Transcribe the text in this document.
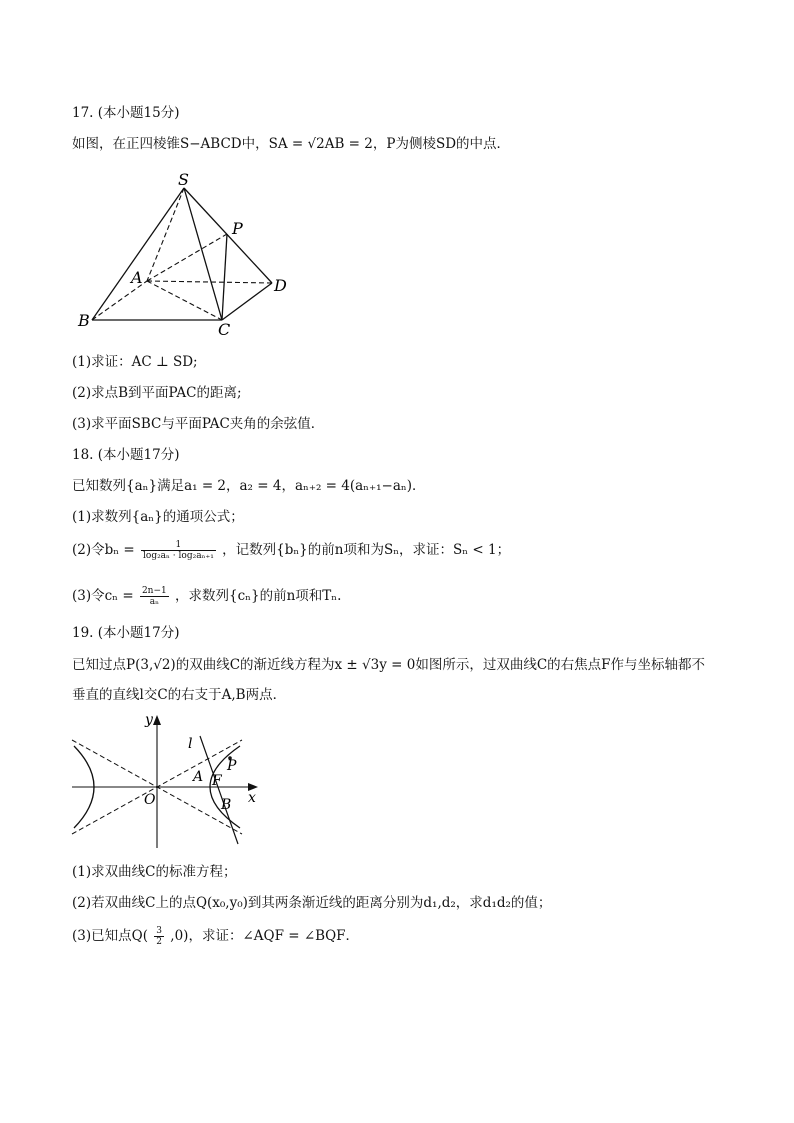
17. (本小题15分)
如图，在正四棱锥S−ABCD中，SA = √2AB = 2，P为侧棱SD的中点．
S
P
A	D
B	C
(1)求证：AC ⊥ SD;
(2)求点B到平面PAC的距离;
(3)求平面SBC与平面PAC夹角的余弦值．
18. (本小题17分)
已知数列{aₙ}满足a₁ = 2，a₂ = 4，aₙ₊₂ = 4(aₙ₊₁−aₙ)．
(1)求数列{aₙ}的通项公式；
(2)令$b_n = \frac{1}{\text{log₂aₙ · log₂aₙ₊₁}}$ ，记数列{bₙ}的前n项和为Sₙ，求证：Sₙ < 1；
(3)令$c_n = \frac{2n-1}{\text{aₙ}}$ ，求数列{cₙ}的前n项和Tₙ.
19. (本小题17分)
已知过点P(3,√2)的双曲线C的渐近线方程为x ± √3y = 0如图所示，过双曲线C的右焦点F作与坐标轴都不
垂直的直线l交C的右支于A,B两点．
y
l
P
A F
O	B x
(1)求双曲线C的标准方程；
(2)若双曲线C上的点Q(x₀,y₀)到其两条渐近线的距离分别为d₁,d₂，求d₁d₂的值；
(3)已知点$Q( \frac{3}{2} ,0)$，求证：∠AQF = ∠BQF．
